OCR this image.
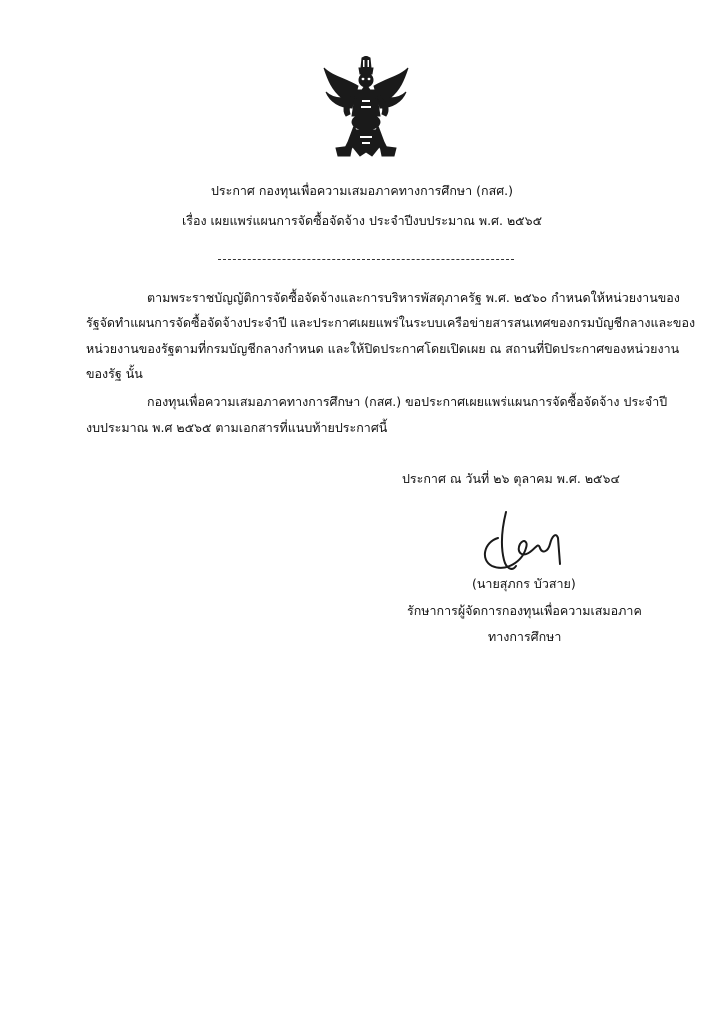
ประกาศ กองทุนเพื่อความเสมอภาคทางการศึกษา (กสศ.)
เรื่อง เผยแพร่แผนการจัดซื้อจัดจ้าง ประจำปีงบประมาณ พ.ศ. ๒๕๖๕
ตามพระราชบัญญัติการจัดซื้อจัดจ้างและการบริหารพัสดุภาครัฐ พ.ศ. ๒๕๖๐ กำหนดให้หน่วยงานของ
รัฐจัดทำแผนการจัดซื้อจัดจ้างประจำปี และประกาศเผยแพร่ในระบบเครือข่ายสารสนเทศของกรมบัญชีกลางและของ
หน่วยงานของรัฐตามที่กรมบัญชีกลางกำหนด และให้ปิดประกาศโดยเปิดเผย ณ สถานที่ปิดประกาศของหน่วยงาน
ของรัฐ นั้น
กองทุนเพื่อความเสมอภาคทางการศึกษา (กสศ.) ขอประกาศเผยแพร่แผนการจัดซื้อจัดจ้าง ประจำปี
งบประมาณ พ.ศ ๒๕๖๕ ตามเอกสารที่แนบท้ายประกาศนี้
ประกาศ ณ วันที่ ๒๖ ตุลาคม พ.ศ. ๒๕๖๔
(นายสุภกร บัวสาย)
รักษาการผู้จัดการกองทุนเพื่อความเสมอภาค
ทางการศึกษา
